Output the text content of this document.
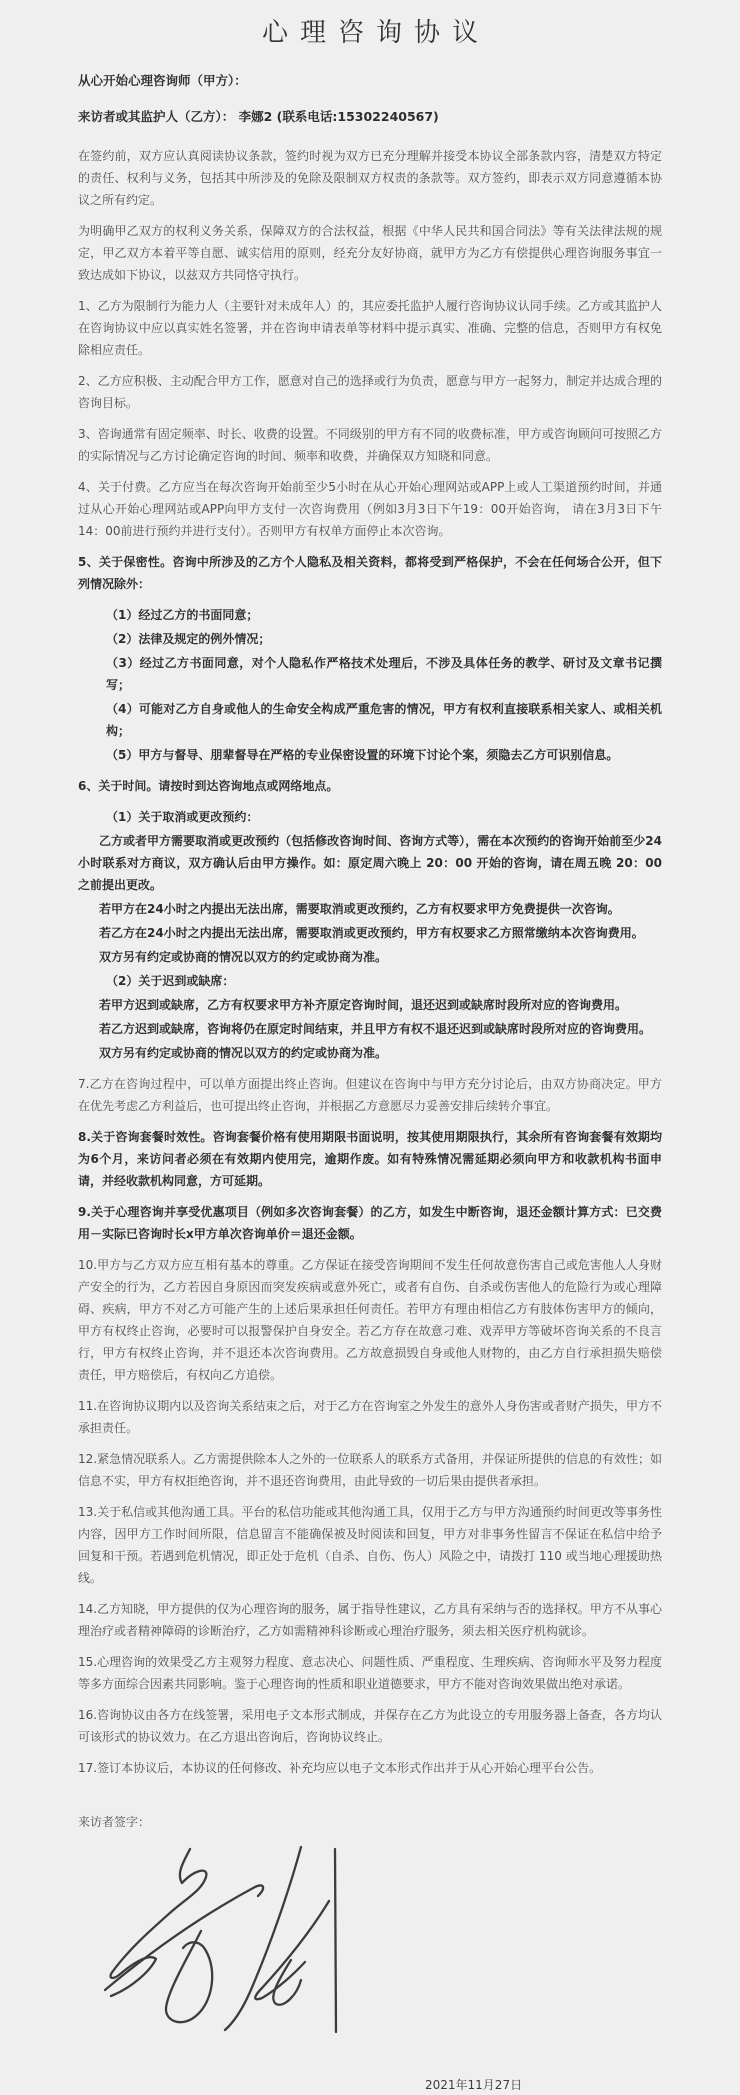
心理咨询协议

从心开始心理咨询师（甲方）：

来访者或其监护人（乙方）： 李娜2 (联系电话:15302240567)

在签约前，双方应认真阅读协议条款，签约时视为双方已充分理解并接受本协议全部条款内容，清楚双方特定的责任、权利与义务，包括其中所涉及的免除及限制双方权责的条款等。双方签约，即表示双方同意遵循本协议之所有约定。

为明确甲乙双方的权利义务关系，保障双方的合法权益，根据《中华人民共和国合同法》等有关法律法规的规定，甲乙双方本着平等自愿、诚实信用的原则，经充分友好协商，就甲方为乙方有偿提供心理咨询服务事宜一致达成如下协议，以兹双方共同恪守执行。

1、乙方为限制行为能力人（主要针对未成年人）的，其应委托监护人履行咨询协议认同手续。乙方或其监护人在咨询协议中应以真实姓名签署，并在咨询申请表单等材料中提示真实、准确、完整的信息，否则甲方有权免除相应责任。

2、乙方应积极、主动配合甲方工作，愿意对自己的选择或行为负责，愿意与甲方一起努力，制定并达成合理的咨询目标。

3、咨询通常有固定频率、时长、收费的设置。不同级别的甲方有不同的收费标准，甲方或咨询顾问可按照乙方的实际情况与乙方讨论确定咨询的时间、频率和收费，并确保双方知晓和同意。

4、关于付费。乙方应当在每次咨询开始前至少5小时在从心开始心理网站或APP上或人工渠道预约时间，并通过从心开始心理网站或APP向甲方支付一次咨询费用（例如3月3日下午19：00开始咨询， 请在3月3日下午14：00前进行预约并进行支付）。否则甲方有权单方面停止本次咨询。

5、关于保密性。咨询中所涉及的乙方个人隐私及相关资料，都将受到严格保护，不会在任何场合公开，但下列情况除外：

（1）经过乙方的书面同意；

（2）法律及规定的例外情况；

（3）经过乙方书面同意，对个人隐私作严格技术处理后，不涉及具体任务的教学、研讨及文章书记撰写；

（4）可能对乙方自身或他人的生命安全构成严重危害的情况，甲方有权利直接联系相关家人、或相关机构；

（5）甲方与督导、朋辈督导在严格的专业保密设置的环境下讨论个案，须隐去乙方可识别信息。

6、关于时间。请按时到达咨询地点或网络地点。

（1）关于取消或更改预约：

乙方或者甲方需要取消或更改预约（包括修改咨询时间、咨询方式等），需在本次预约的咨询开始前至少24小时联系对方商议，双方确认后由甲方操作。如：原定周六晚上 20：00 开始的咨询，请在周五晚 20：00 之前提出更改。

若甲方在24小时之内提出无法出席，需要取消或更改预约，乙方有权要求甲方免费提供一次咨询。

若乙方在24小时之内提出无法出席，需要取消或更改预约，甲方有权要求乙方照常缴纳本次咨询费用。

双方另有约定或协商的情况以双方的约定或协商为准。

（2）关于迟到或缺席：

若甲方迟到或缺席，乙方有权要求甲方补齐原定咨询时间，退还迟到或缺席时段所对应的咨询费用。

若乙方迟到或缺席，咨询将仍在原定时间结束，并且甲方有权不退还迟到或缺席时段所对应的咨询费用。

双方另有约定或协商的情况以双方的约定或协商为准。

7.乙方在咨询过程中，可以单方面提出终止咨询。但建议在咨询中与甲方充分讨论后，由双方协商决定。甲方在优先考虑乙方利益后，也可提出终止咨询，并根据乙方意愿尽力妥善安排后续转介事宜。

8.关于咨询套餐时效性。咨询套餐价格有使用期限书面说明，按其使用期限执行，其余所有咨询套餐有效期均为6个月，来访问者必须在有效期内使用完，逾期作废。如有特殊情况需延期必须向甲方和收款机构书面申请，并经收款机构同意，方可延期。

9.关于心理咨询并享受优惠项目（例如多次咨询套餐）的乙方，如发生中断咨询，退还金额计算方式：已交费用－实际已咨询时长x甲方单次咨询单价＝退还金额。

10.甲方与乙方双方应互相有基本的尊重。乙方保证在接受咨询期间不发生任何故意伤害自己或危害他人人身财产安全的行为，乙方若因自身原因而突发疾病或意外死亡，或者有自伤、自杀或伤害他人的危险行为或心理障碍、疾病，甲方不对乙方可能产生的上述后果承担任何责任。若甲方有理由相信乙方有肢体伤害甲方的倾向，甲方有权终止咨询，必要时可以报警保护自身安全。若乙方存在故意刁难、戏弄甲方等破坏咨询关系的不良言行，甲方有权终止咨询，并不退还本次咨询费用。乙方故意损毁自身或他人财物的，由乙方自行承担损失赔偿责任，甲方赔偿后，有权向乙方追偿。

11.在咨询协议期内以及咨询关系结束之后，对于乙方在咨询室之外发生的意外人身伤害或者财产损失，甲方不承担责任。

12.紧急情况联系人。乙方需提供除本人之外的一位联系人的联系方式备用，并保证所提供的信息的有效性；如信息不实，甲方有权拒绝咨询，并不退还咨询费用，由此导致的一切后果由提供者承担。

13.关于私信或其他沟通工具。平台的私信功能或其他沟通工具，仅用于乙方与甲方沟通预约时间更改等事务性内容，因甲方工作时间所限，信息留言不能确保被及时阅读和回复，甲方对非事务性留言不保证在私信中给予回复和干预。若遇到危机情况，即正处于危机（自杀、自伤、伤人）风险之中，请拨打 110 或当地心理援助热线。

14.乙方知晓，甲方提供的仅为心理咨询的服务，属于指导性建议，乙方具有采纳与否的选择权。甲方不从事心理治疗或者精神障碍的诊断治疗，乙方如需精神科诊断或心理治疗服务，须去相关医疗机构就诊。

15.心理咨询的效果受乙方主观努力程度、意志决心、问题性质、严重程度、生理疾病、咨询师水平及努力程度等多方面综合因素共同影响。鉴于心理咨询的性质和职业道德要求，甲方不能对咨询效果做出绝对承诺。

16.咨询协议由各方在线签署，采用电子文本形式制成，并保存在乙方为此设立的专用服务器上备查，各方均认可该形式的协议效力。在乙方退出咨询后，咨询协议终止。

17.签订本协议后，本协议的任何修改、补充均应以电子文本形式作出并于从心开始心理平台公告。

来访者签字：

2021年11月27日
